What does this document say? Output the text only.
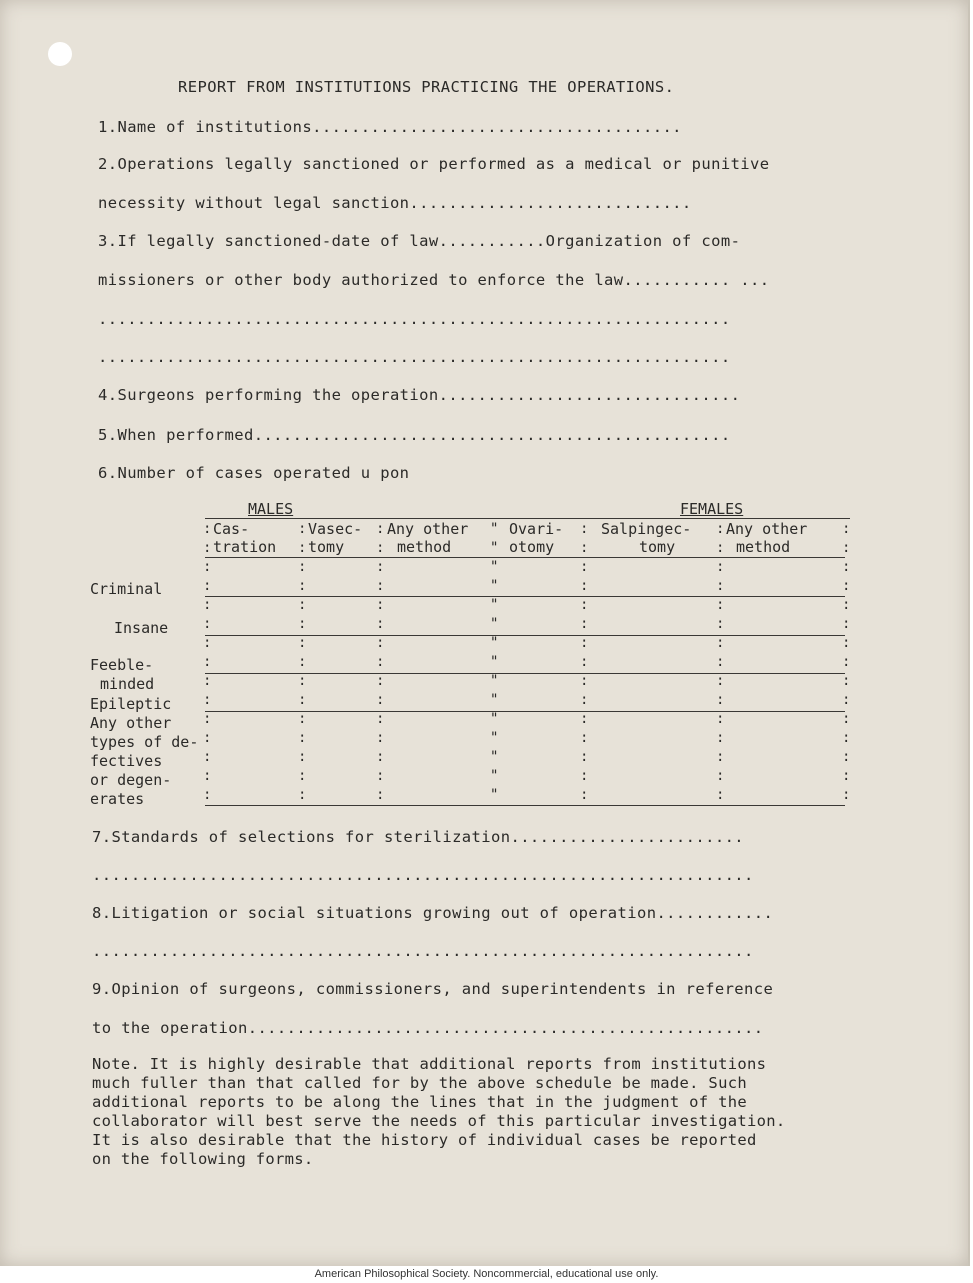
REPORT FROM INSTITUTIONS PRACTICING THE OPERATIONS.
1.Name of institutions......................................
2.Operations legally sanctioned or performed as a medical or punitive
necessity without legal sanction.............................
3.If legally sanctioned-date of law...........Organization of com-
missioners or other body authorized to enforce the law........... ...
.................................................................
.................................................................
4.Surgeons performing the operation...............................
5.When performed.................................................
6.Number of cases operated u pon
MALES	FEMALES
Cas-
tration
Vasec-
tomy
Any other
method
Ovari-
otomy
Salpingec-
tomy
Any other
method
:
:
:
:
:
:
:
:
:
:
:
:
:
:
:

:
:
:
:
:
:
:
:
:
:
:
:
:
:
:

:
:
:
:
:
:
:
:
:
:
:
:
:
:
:

"
"
"
"
"
"
"
"
"
"
"
"
"
"
"

:
:
:
:
:
:
:
:
:
:
:
:
:
:
:

:
:
:
:
:
:
:
:
:
:
:
:
:
:
:

:
:
:
:
:
:
:
:
:
:
:
:
:
:
:

Criminal
Insane
Feeble-
minded
Epileptic
Any other
types of de-
fectives
or degen-
erates
7.Standards of selections for sterilization........................
....................................................................
8.Litigation or social situations growing out of operation............
....................................................................
9.Opinion of surgeons, commissioners, and superintendents in reference
to the operation.....................................................
Note. It is highly desirable that additional reports from institutions
much fuller than that called for by the above schedule be made. Such
additional reports to be along the lines that in the judgment of the
collaborator will best serve the needs of this particular investigation.
It is also desirable that the history of individual cases be reported
on the following forms.
American Philosophical Society. Noncommercial, educational use only.
